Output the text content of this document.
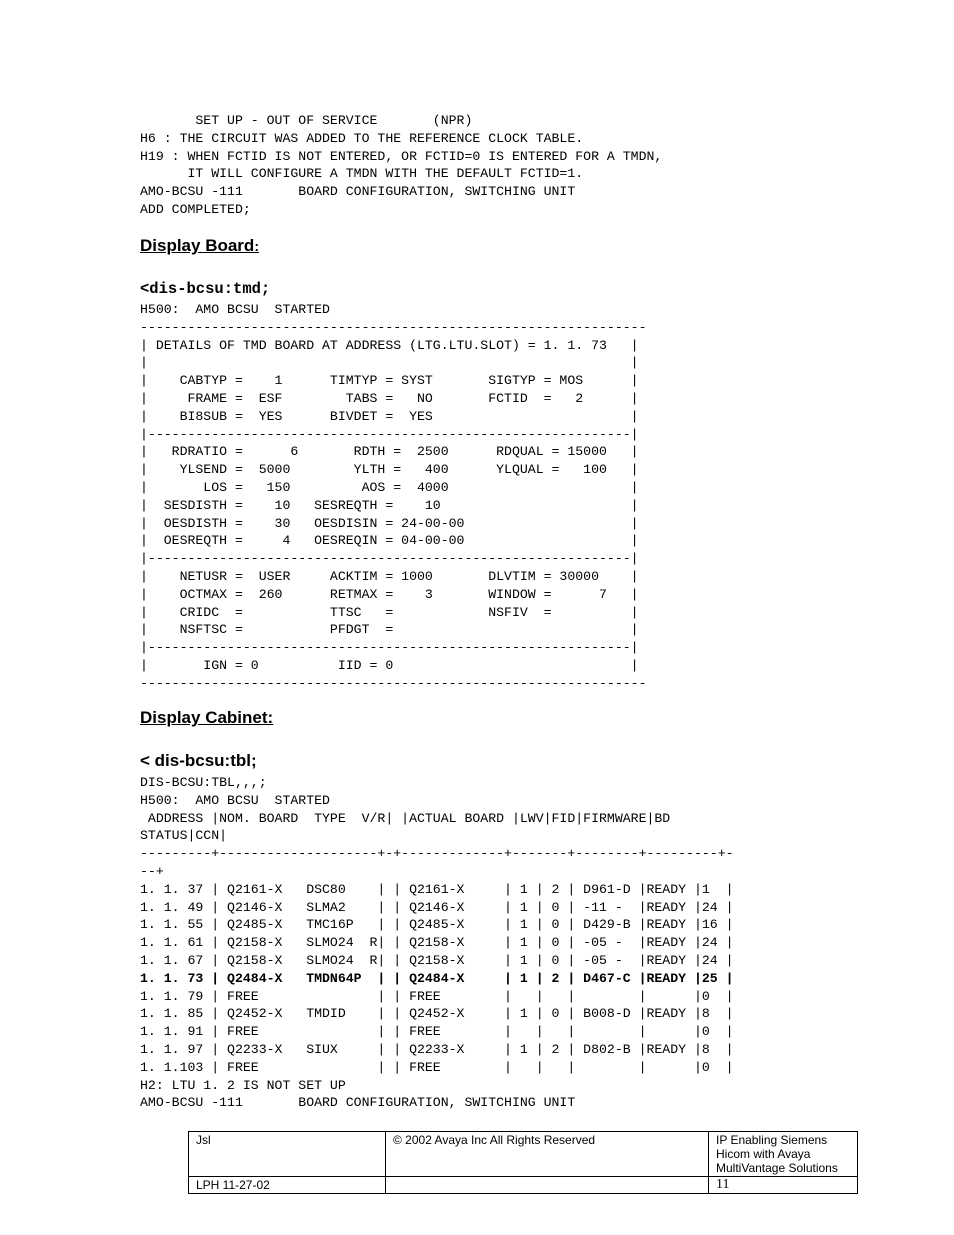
SET UP - OUT OF SERVICE       (NPR)
H6 : THE CIRCUIT WAS ADDED TO THE REFERENCE CLOCK TABLE.
H19 : WHEN FCTID IS NOT ENTERED, OR FCTID=0 IS ENTERED FOR A TMDN,
IT WILL CONFIGURE A TMDN WITH THE DEFAULT FCTID=1.
AMO-BCSU -111       BOARD CONFIGURATION, SWITCHING UNIT
ADD COMPLETED;
Display Board:
<dis-bcsu:tmd;
H500:  AMO BCSU  STARTED
----------------------------------------------------------------
| DETAILS OF TMD BOARD AT ADDRESS (LTG.LTU.SLOT) = 1. 1. 73   |
|                                                             |
|    CABTYP =    1      TIMTYP = SYST       SIGTYP = MOS      |
|     FRAME =  ESF        TABS =   NO       FCTID  =   2      |
|    BI8SUB =  YES      BIVDET =  YES                         |
|-------------------------------------------------------------|
|   RDRATIO =      6       RDTH =  2500      RDQUAL = 15000   |
|    YLSEND =  5000        YLTH =   400      YLQUAL =   100   |
|       LOS =   150         AOS =  4000                       |
|  SESDISTH =    10   SESREQTH =    10                        |
|  OESDISTH =    30   OESDISIN = 24-00-00                     |
|  OESREQTH =     4   OESREQIN = 04-00-00                     |
|-------------------------------------------------------------|
|    NETUSR =  USER     ACKTIM = 1000       DLVTIM = 30000    |
|    OCTMAX =  260      RETMAX =    3       WINDOW =      7   |
|    CRIDC  =           TTSC   =            NSFIV  =          |
|    NSFTSC =           PFDGT  =                              |
|-------------------------------------------------------------|
|       IGN = 0          IID = 0                              |
----------------------------------------------------------------
Display Cabinet:
< dis-bcsu:tbl;
DIS-BCSU:TBL,,,;
H500:  AMO BCSU  STARTED
ADDRESS |NOM. BOARD  TYPE  V/R| |ACTUAL BOARD |LWV|FID|FIRMWARE|BD
STATUS|CCN|
---------+--------------------+-+-------------+-------+--------+---------+-
--+
1. 1. 37 | Q2161-X   DSC80    | | Q2161-X     | 1 | 2 | D961-D |READY |1  |
1. 1. 49 | Q2146-X   SLMA2    | | Q2146-X     | 1 | 0 | -11 -  |READY |24 |
1. 1. 55 | Q2485-X   TMC16P   | | Q2485-X     | 1 | 0 | D429-B |READY |16 |
1. 1. 61 | Q2158-X   SLMO24  R| | Q2158-X     | 1 | 0 | -05 -  |READY |24 |
1. 1. 67 | Q2158-X   SLMO24  R| | Q2158-X     | 1 | 0 | -05 -  |READY |24 |
1. 1. 73 | Q2484-X   TMDN64P  | | Q2484-X     | 1 | 2 | D467-C |READY |25 |
1. 1. 79 | FREE               | | FREE        |   |   |        |      |0  |
1. 1. 85 | Q2452-X   TMDID    | | Q2452-X     | 1 | 0 | B008-D |READY |8  |
1. 1. 91 | FREE               | | FREE        |   |   |        |      |0  |
1. 1. 97 | Q2233-X   SIUX     | | Q2233-X     | 1 | 2 | D802-B |READY |8  |
1. 1.103 | FREE               | | FREE        |   |   |        |      |0  |
H2: LTU 1. 2 IS NOT SET UP
AMO-BCSU -111       BOARD CONFIGURATION, SWITCHING UNIT
Jsl	© 2002 Avaya Inc All Rights Reserved	IP Enabling Siemens
Hicom with Avaya
MultiVantage Solutions

LPH 11-27-02		11
